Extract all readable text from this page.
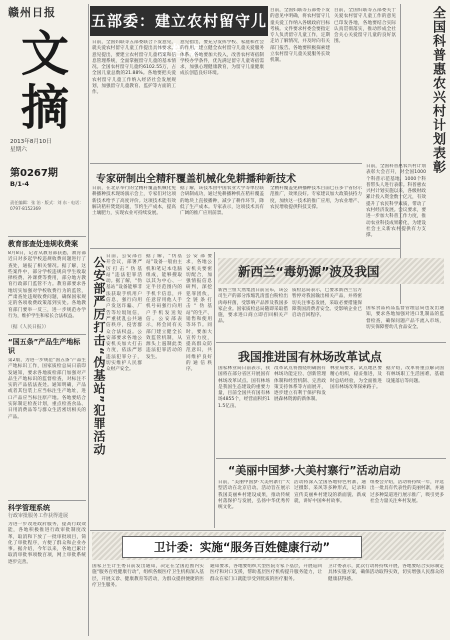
赣州日报
文
摘
2013年8月10日
星期六
第0267期
B/1-4
责任编辑：张 治 · 版式：刘 东 · 电话：0797-8152369
教育部查处违规收费案
8月8日，记者从教育部获悉，教育部近日对多起学校违规收费问题进行了查处，通报了相关情况。据了解，这些案件中，部分学校违规向学生收取择校费、补课费等费用，部分地方教育行政部门监管不力。教育部要求各地切实加强对学校收费行为的监管，严肃查处违规收费问题，确保国家规定的各项收费政策落到实处。各地教育部门要举一反三，进一步规范办学行为，维护学生和家长合法权益。
（据《人民日报》）
“国五条”产品生产地标识
第2版，为进一步规范“国五条”产品生产地标识工作，国家质检总局日前印发通知，要求各地质检部门加强对产品生产地标识的监督检查，对标注不实的产品依法查处。通知明确，产品或者其包装上应当标注生产地址，进口产品应当标注原产地。各地要结合实际制定检查计划，重点检查食品、日用消费品等与群众生活密切相关的产品。
科学管理系统
行政审批服务工作获得进展
为进一步改进政府服务，提高行政效能，各地积极推进行政审批制度改革，取消和下放了一批审批项目，简化了审批程序，方便了群众和企业办事。据介绍，今年以来，各地已累计取消审批事项数百项，网上审批系统逐步完善。
五部委：建立农村留守儿童档案
日前，全国妇联等五部委联合下发意见，就关爱农村留守儿童工作提出具体要求。意见提出，要建立农村留守儿童档案和信息管理系统，全面掌握留守儿童的基本情况。全国农村留守儿童约6102.55万，占全国儿童总数的21.88%。各地要把关爱农村留守儿童工作纳入经济社会发展规划，加强留守儿童教育、监护等方面的工作。
意见指出，要充分发挥学校、家庭和社会的作用，建立健全农村留守儿童关爱服务体系。各地要加大投入，改善农村寄宿制学校办学条件，优先满足留守儿童寄宿需求，加强心理健康教育，为留守儿童健康成长创造良好环境。
目前，全国妇联等五部委下发的意见中明确，将农村留守儿童关爱工作纳入各级政府目标考核。文件要求村委会要指定专人负责留守儿童工作，定期走访了解情况，并及时向有关部门报告。各地要积极探索建立农村留守儿童关爱服务长效机制。
目前，全国妇联等五部委关于关爱农村留守儿童工作的意见已印发各地，各地要结合实际认真贯彻落实，推动形成全社会关心关爱留守儿童的良好氛围。	全国科普惠农兴村计划表彰
日前，全国科普惠农兴村计划表彰大会召开，对全国1000个科普示范基地、1000个科普带头人进行表彰。科普惠农兴村计划实施以来，各级财政累计投入资金数十亿元，有效提升了农民科学素质，带动了农村经济发展。会议要求，要进一步加大科普工作力度，推动农业科技成果转化，为建设社会主义新农村提供有力支撑。
专家研制出全精秆覆盖机械化免耕播种新技术
日前，在北京举行的全精秆覆盖机械化免耕播种技术现场演示会上，专家们对这项新技术给予了高度评价。这项技术能有效解决秸秆焚烧问题，节约生产成本，提高土壤肥力，实现农业可持续发展。
据了解，该技术由中国农业大学等单位联合研制成功，通过免耕播种机在秸秆覆盖的地块上直接播种，减少了耕作环节，降低了生产成本。专家表示，这项技术具有广阔的推广应用前景。
全精秆覆盖免耕播种技术目前已在多个省份示范推广，效果良好。专家建议加大政策扶持力度，加快这一技术的推广应用，为农业增产、农民增收提供科技支撑。
公安部严厉打击“伪基站”犯罪活动 日前，公安部召开会议，部署严厉打击“伪基站”违法犯罪活动。据了解，“伪基站”设备能够非法获取手机用户信息，强行向用户发送诈骗、广告等垃圾短信，严重扰乱公共通信秩序，侵害群众合法权益。公安部要求各地公安机关加大打击力度，依法严惩违法犯罪分子，切实维护人民群众财产安全。
据了解，“伪基站”设备一般由主机和笔记本电脑组成，能够搜取以其为中心、一定半径范围内的手机卡信息，并任意冒用他人手机号码强行向用户手机发送短信。公安部表示，将会同有关部门建立健全长效监管机制，从源头上遏制此类违法犯罪活动的发生。
公安部要求，各地公安机关要密切配合，加强情报信息研判，深挖犯罪团伙，全链条打击“伪基站”的生产、销售和使用等环节。同时，要加大宣传力度，提高群众防范意识，共同维护良好的通信秩序。
新西兰“毒奶源”波及我国
新西兰恒天然集团日前宣布，该公司生产的部分浓缩乳清蛋白粉检出肉毒杆菌，受影响产品涉及我国多家企业。国家质检总局随即采取措施，要求进口商立即召回相关产品。
质检总局表示，已要求新西兰官方暂停对我国输出相关产品，并将密切关注事态发展，采取必要措施保障我国消费者安全。受影响企业已启动召回程序。
国家食品药品监督管理总局也发出通知，要求各地加强对进口乳制品的监督检查，确保问题产品不流入市场，切实保障婴幼儿食品安全。
我国推进国有林场改革试点
国家林业局日前表示，我国将在部分省区开展国有林场改革试点。国有林场是我国生态建设的重要力量，目前全国共有国有林场4855个，经营面积约11.5亿亩。
改革试点将围绕明确国有林场功能定位、创新管理体制和经营机制、完善政策支持体系等方面展开，逐步建立有利于保护和发展森林资源的新体制。
林业局要求，试点地区要精心组织，稳妥推进，及时总结经验，为全面推进国有林场改革探索路子。
据介绍，改革将重点解决国有林场职工生活困难、基础设施落后等问题。
“美丽中国梦·大美村寨行”活动启动
日前，“美丽中国梦·大美村寨行”大型活动在北京启动。活动旨在展示我国美丽乡村建设成果，推动传统村落保护与发展，弘扬中华优秀传统文化。
活动将深入全国各地特色村寨，通过摄影、采风等多种形式，记录和宣传美丽乡村建设的新面貌、新成就，讲好中国乡村故事。
组委会介绍，活动将持续一年，评选出一批具有代表性的美丽村寨，并通过多种渠道进行展示推广，吸引更多社会力量关注乡村发展。
卫计委：实施“服务百姓健康行动”
国家卫生计生委日前发出通知，决定在全国范围内实施“服务百姓健康行动”，组织各级医疗卫生机构深入基层，开展义诊、健康教育等活动，为群众提供便捷的医疗卫生服务。
通知要求，各地要组织大型医院专家下基层，开展巡回医疗和对口支援，帮助基层医疗机构提升服务能力，让群众在家门口就能享受到优质的医疗服务。
卫计委表示，此次行动将持续开展，各地要结合实际制定具体实施方案，确保活动取得实效，切实增强人民群众的健康获得感。
